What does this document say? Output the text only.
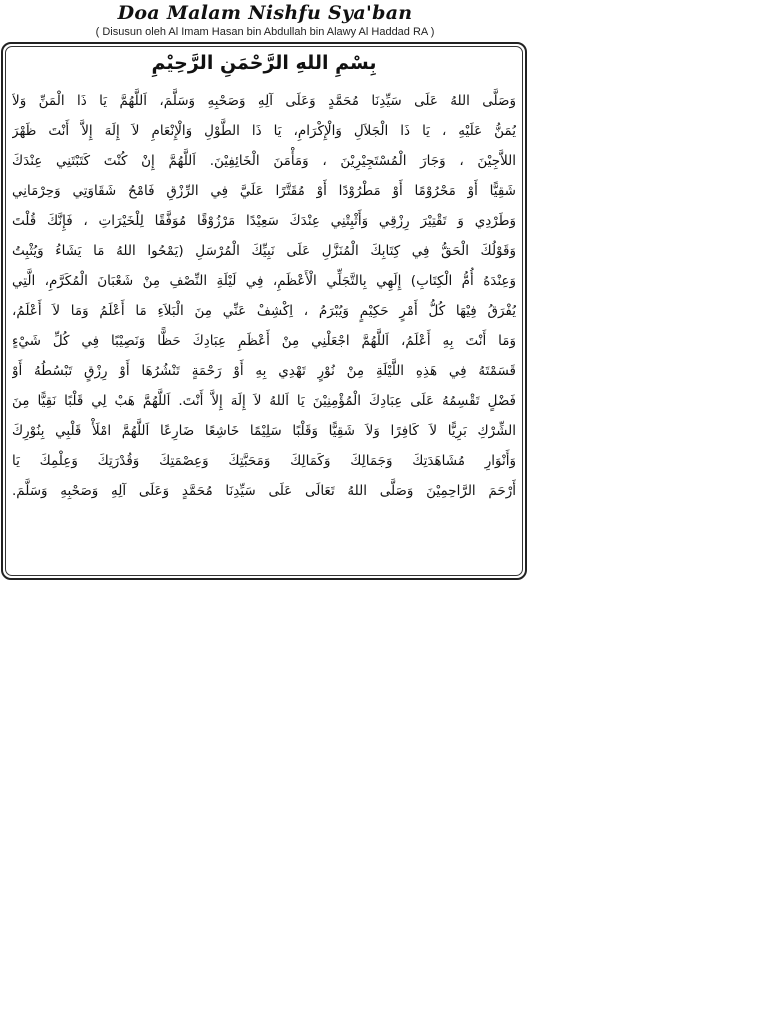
Doa Malam Nishfu Sya'ban
( Disusun oleh Al Imam Hasan bin Abdullah bin Alawy Al Haddad RA )
بِسْمِ اللهِ الرَّحْمَنِ الرَّحِيْمِ
وَصَلَّى اللهُ عَلَى سَيِّدِنَا مُحَمَّدٍ وَعَلَى آلِهِ وَصَحْبِهِ وَسَلَّمَ، اَللَّهُمَّ يَا ذَا الْمَنِّ وَلاَ
يُمَنُّ عَلَيْهِ ، يَا ذَا الْجَلاَلِ وَالْإِكْرَامِ، يَا ذَا الطَّوْلِ وَالْإِنْعَامِ لاَ إِلَهَ إِلاَّ أَنْتَ ظَهْرَ
اللاَّجِيْنَ ، وَجَارَ الْمُسْتَجِيْرِيْنَ ، وَمَأْمَنَ الْخَائِفِيْنَ. اَللَّهُمَّ إِنْ كُنْتَ كَتَبْتَنِي عِنْدَكَ
شَقِيًّا أَوْ مَحْرُوْمًا أَوْ مَطْرُوْدًا أَوْ مُقَتَّرًا عَلَيَّ فِي الرِّزْقِ فَامْحُ شَقَاوَتِي وَحِرْمَانِي
وَطَرْدِي وَ تَقْتِيْرَ رِزْقِي وَأَثْبِتْنِي عِنْدَكَ سَعِيْدًا مَرْزُوْقًا مُوَفَّقًا لِلْخَيْرَاتِ ، فَإِنَّكَ قُلْتَ
وَقَوْلُكَ الْحَقُّ فِي كِتَابِكَ الْمُنَزَّلِ عَلَى نَبِيِّكَ الْمُرْسَلِ (يَمْحُوا اللهُ مَا يَشَاءُ وَيُثْبِتُ
وَعِنْدَهُ أُمُّ الْكِتَابِ) إِلَهِي بِالتَّجَلِّي الْأَعْظَمِ، فِي لَيْلَةِ النِّصْفِ مِنْ شَعْبَانَ الْمُكَرَّمِ، الَّتِي
يُفْرَقُ فِيْهَا كُلُّ أَمْرٍ حَكِيْمٍ وَيُبْرَمُ ، اِكْشِفْ عَنِّي مِنَ الْبَلاَءِ مَا أَعْلَمُ وَمَا لاَ أَعْلَمُ،
وَمَا أَنْتَ بِهِ أَعْلَمُ، اَللَّهُمَّ اجْعَلْنِي مِنْ أَعْظَمِ عِبَادِكَ حَظًّا وَنَصِيْبًا فِي كُلِّ شَيْءٍ
قَسَمْتَهُ فِي هَذِهِ اللَّيْلَةِ مِنْ نُوْرٍ تَهْدِي بِهِ أَوْ رَحْمَةٍ تَنْشُرُهَا أَوْ رِزْقٍ تَبْسُطُهُ أَوْ
فَضْلٍ تَقْسِمُهُ عَلَى عِبَادِكَ الْمُؤْمِنِيْنَ يَا اَللهُ لاَ إِلَهَ إِلاَّ أَنْتَ. اَللَّهُمَّ هَبْ لِي قَلْبًا نَقِيًّا مِنَ
الشِّرْكِ بَرِيًّا لاَ كَافِرًا وَلاَ شَقِيًّا وَقَلْبًا سَلِيْمًا خَاشِعًا ضَارِعًا اَللَّهُمَّ امْلَأْ قَلْبِي بِنُوْرِكَ
وَأَنْوَارِ مُشَاهَدَتِكَ وَجَمَالِكَ وَكَمَالِكَ وَمَحَبَّتِكَ وَعِصْمَتِكَ وَقُدْرَتِكَ وَعِلْمِكَ يَا
أَرْحَمَ الرَّاحِمِيْنَ وَصَلَّى اللهُ تَعَالَى عَلَى سَيِّدِنَا مُحَمَّدٍ وَعَلَى آلِهِ وَصَحْبِهِ وَسَلَّمَ.
